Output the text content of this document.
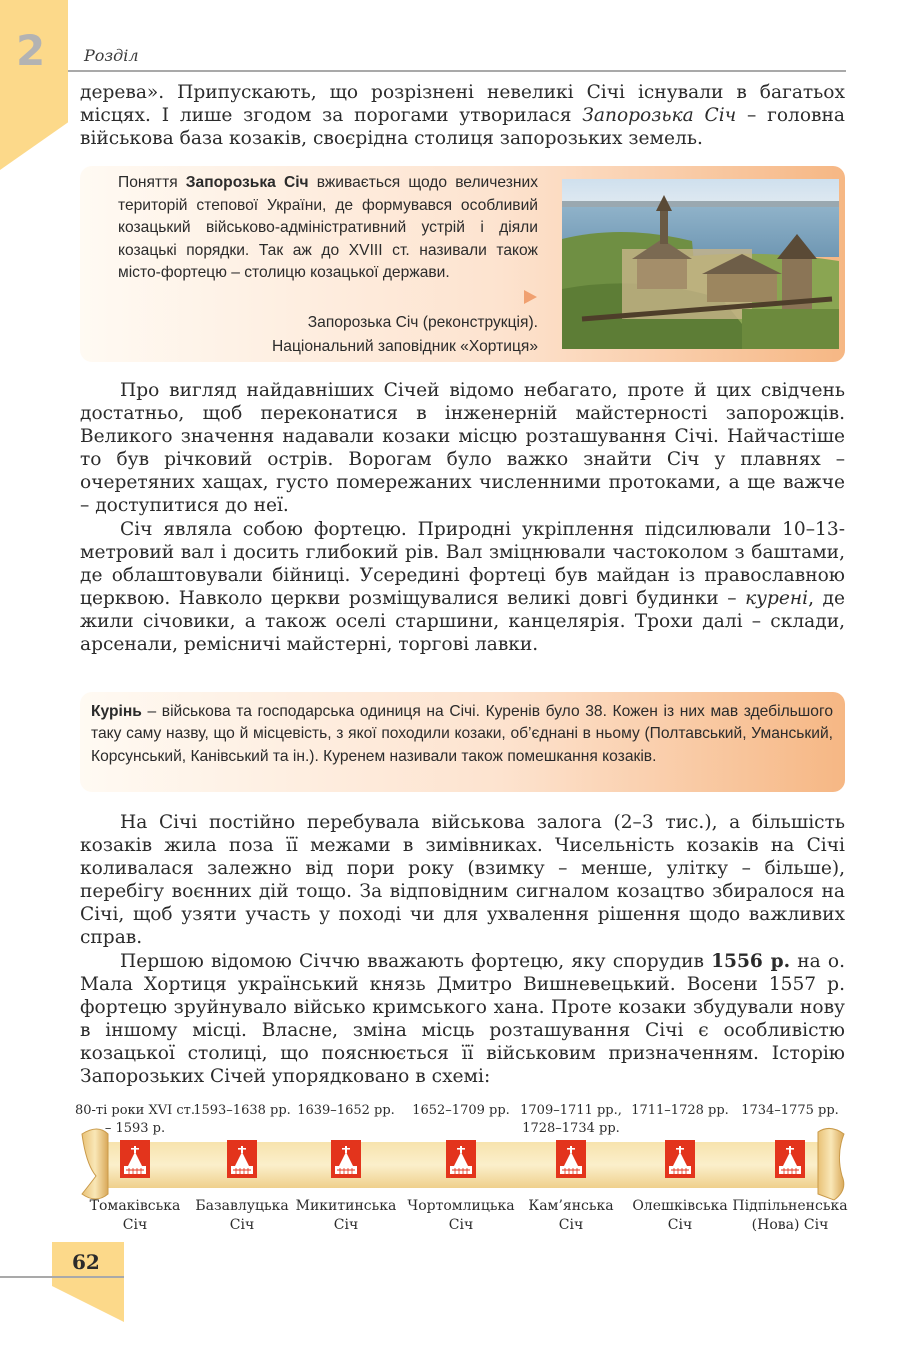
2 Розділ

дерева». Припускають, що розрізнені невеликі Січі існували в багатьох місцях. І лише згодом за порогами утворилася Запорозька Січ – головна військова база козаків, своєрідна столиця запорозьких земель.

Поняття Запорозька Січ вживається щодо величезних територій степової України, де формувався особливий козацький військово-адміністративний устрій і діяли козацькі порядки. Так аж до XVIII ст. називали також місто-фортецю – столицю козацької держави.

Запорозька Січ (реконструкція).
Національний заповідник «Хортиця»

Про вигляд найдавніших Січей відомо небагато, проте й цих свідчень достатньо, щоб переконатися в інженерній майстерності запорожців. Великого значення надавали козаки місцю розташування Січі. Найчастіше то був річковий острів. Ворогам було важко знайти Січ у плавнях – очеретяних хащах, густо помережаних численними протоками, а ще важче – доступитися до неї.

Січ являла собою фортецю. Природні укріплення підсилювали 10–13-метровий вал і досить глибокий рів. Вал зміцнювали частоколом з баштами, де облаштовували бійниці. Усередині фортеці був майдан із православною церквою. Навколо церкви розміщувалися великі довгі будинки – курені, де жили січовики, а також оселі старшини, канцелярія. Трохи далі – склади, арсенали, ремісничі майстерні, торгові лавки.

Курінь – військова та господарська одиниця на Січі. Куренів було 38. Кожен із них мав здебільшого таку саму назву, що й місцевість, з якої походили козаки, об’єднані в ньому (Полтавський, Уманський, Корсунський, Канівський та ін.). Куренем називали також помешкання козаків.

На Січі постійно перебувала військова залога (2–3 тис.), а більшість козаків жила поза її межами в зимівниках. Чисельність козаків на Січі коливалася залежно від пори року (взимку – менше, улітку – більше), перебігу воєнних дій тощо. За відповідним сигналом козацтво збиралося на Січі, щоб узяти участь у поході чи для ухвалення рішення щодо важливих справ.

Першою відомою Січчю вважають фортецю, яку спорудив 1556 р. на о. Мала Хортиця український князь Дмитро Вишневецький. Восени 1557 р. фортецю зруйнувало військо кримського хана. Проте козаки збудували нову в іншому місці. Власне, зміна місць розташування Січі є особливістю козацької столиці, що пояснюється її військовим призначенням. Історію Запорозьких Січей упорядковано в схемі:

80-ті роки XVI ст.
– 1593 р.
Томаківська
Січ
1593–1638 рр.
Базавлуцька
Січ
1639–1652 рр.
Микитинська
Січ
1652–1709 рр.
Чортомлицька
Січ
1709–1711 рр.,
1728–1734 рр.
Кам’янська
Січ
1711–1728 рр.
Олешківська
Січ
1734–1775 рр.
Підпільненська
(Нова) Січ
62
